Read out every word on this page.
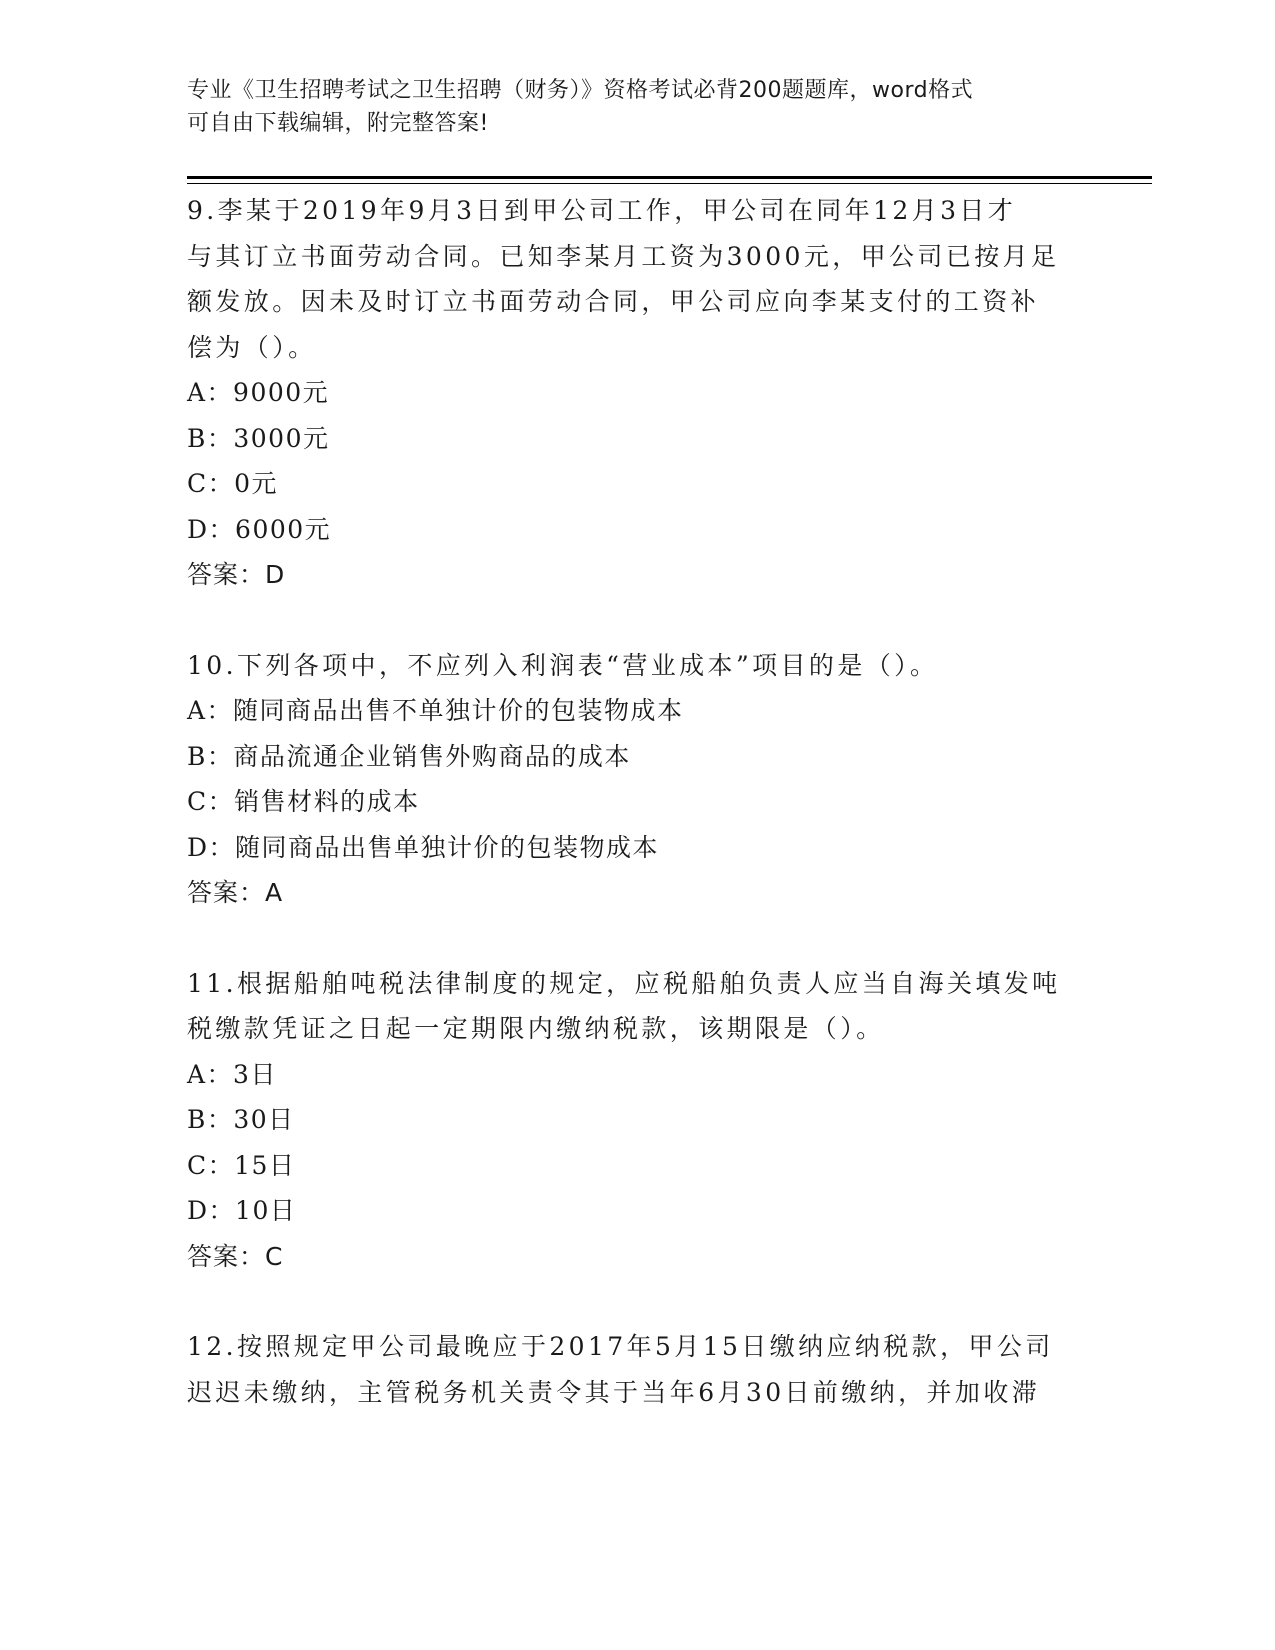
专业《卫生招聘考试之卫生招聘（财务）》资格考试必背200题题库，word格式
可自由下载编辑，附完整答案!
9.李某于2019年9月3日到甲公司工作，甲公司在同年12月3日才
与其订立书面劳动合同。已知李某月工资为3000元，甲公司已按月足
额发放。因未及时订立书面劳动合同，甲公司应向李某支付的工资补
偿为（）。
A：9000元
B：3000元
C：0元
D：6000元
答案：D
10.下列各项中，不应列入利润表“营业成本”项目的是（）。
A：随同商品出售不单独计价的包装物成本
B：商品流通企业销售外购商品的成本
C：销售材料的成本
D：随同商品出售单独计价的包装物成本
答案：A
11.根据船舶吨税法律制度的规定，应税船舶负责人应当自海关填发吨
税缴款凭证之日起一定期限内缴纳税款，该期限是（）。
A：3日
B：30日
C：15日
D：10日
答案：C
12.按照规定甲公司最晚应于2017年5月15日缴纳应纳税款，甲公司
迟迟未缴纳，主管税务机关责令其于当年6月30日前缴纳，并加收滞
